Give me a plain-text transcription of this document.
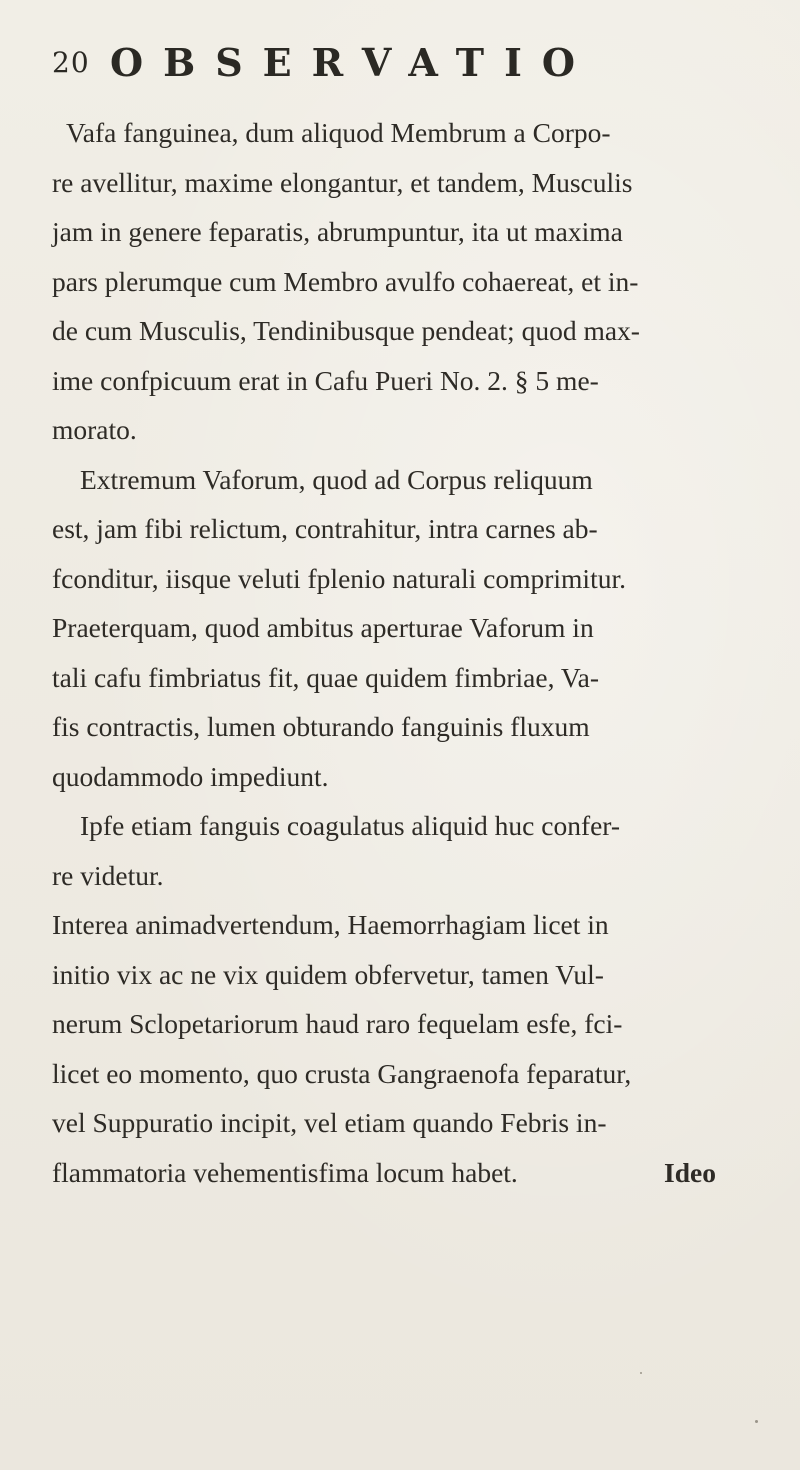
20 OBSERVATIO
Vafa fanguinea, dum aliquod Membrum a Corpo-
re avellitur, maxime elongantur, et tandem, Musculis
jam in genere feparatis, abrumpuntur, ita ut maxima
pars plerumque cum Membro avulfo cohaereat, et in-
de cum Musculis, Tendinibusque pendeat; quod max-
ime confpicuum erat in Cafu Pueri No. 2. § 5 me-
morato.
Extremum Vaforum, quod ad Corpus reliquum
est, jam fibi relictum, contrahitur, intra carnes ab-
fconditur, iisque veluti fplenio naturali comprimitur.
Praeterquam, quod ambitus aperturae Vaforum in
tali cafu fimbriatus fit, quae quidem fimbriae, Va-
fis contractis, lumen obturando fanguinis fluxum
quodammodo impediunt.
Ipfe etiam fanguis coagulatus aliquid huc confer-
re videtur.
Interea animadvertendum, Haemorrhagiam licet in
initio vix ac ne vix quidem obfervetur, tamen Vul-
nerum Sclopetariorum haud raro fequelam esfe, fci-
licet eo momento, quo crusta Gangraenofa feparatur,
vel Suppuratio incipit, vel etiam quando Febris in-
flammatoria vehementisfima locum habet.	Ideo
